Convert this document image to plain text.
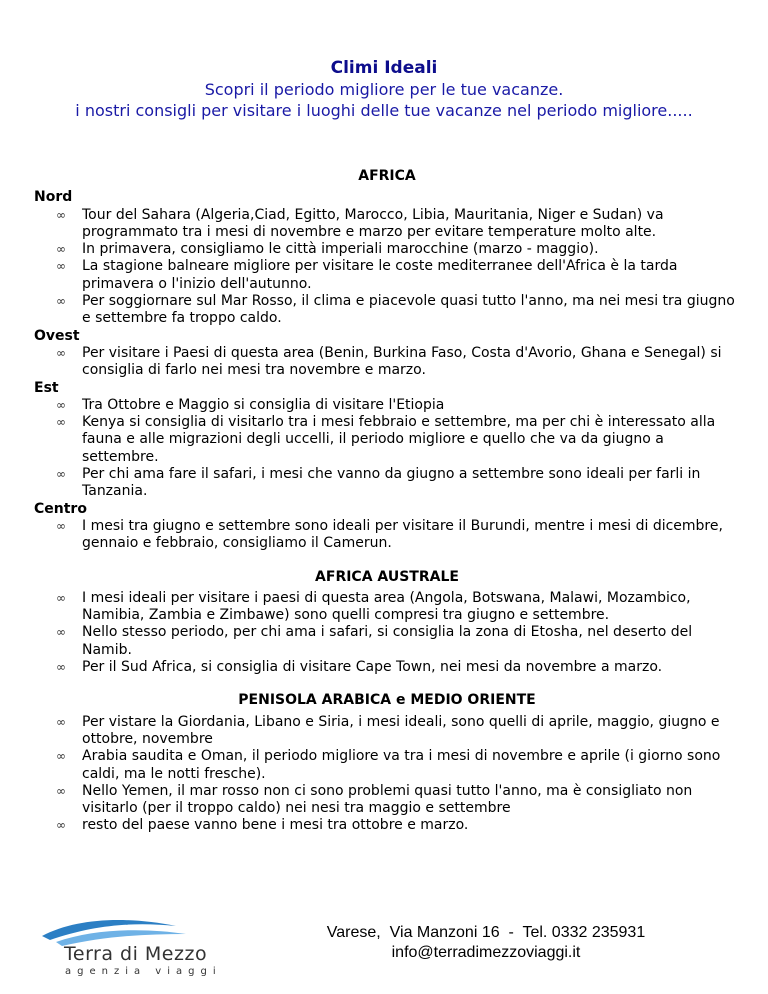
Climi Ideali
Scopri il periodo migliore per le tue vacanze.
i nostri consigli per visitare i luoghi delle tue vacanze nel periodo migliore.....
AFRICA
Nord
∞ Tour del Sahara (Algeria,Ciad, Egitto, Marocco, Libia, Mauritania, Niger e Sudan) va programmato tra i mesi di novembre e marzo per evitare temperature molto alte.
∞ In primavera, consigliamo le città imperiali marocchine (marzo - maggio).
∞ La stagione balneare migliore per visitare le coste mediterranee dell'Africa è la tarda primavera o l'inizio dell'autunno.
∞ Per soggiornare sul Mar Rosso, il clima e piacevole quasi tutto l'anno, ma nei mesi tra giugno e settembre fa troppo caldo.
Ovest
∞ Per visitare i Paesi di questa area (Benin, Burkina Faso, Costa d'Avorio, Ghana e Senegal) si consiglia di farlo nei mesi tra novembre e marzo.
Est
∞ Tra Ottobre e Maggio si consiglia di visitare l'Etiopia
∞ Kenya si consiglia di visitarlo tra i mesi febbraio e settembre, ma per chi è interessato alla fauna e alle migrazioni degli uccelli, il periodo migliore e quello che va da giugno a settembre.
∞ Per chi ama fare il safari, i mesi che vanno da giugno a settembre sono ideali per farli in Tanzania.
Centro
∞ I mesi tra giugno e settembre sono ideali per visitare il Burundi, mentre i mesi di dicembre, gennaio e febbraio, consigliamo il Camerun.
AFRICA AUSTRALE
∞ I mesi ideali per visitare i paesi di questa area (Angola, Botswana, Malawi, Mozambico, Namibia, Zambia e Zimbawe) sono quelli compresi tra giugno e settembre.
∞ Nello stesso periodo, per chi ama i safari, si consiglia la zona di Etosha, nel deserto del Namib.
∞ Per il Sud Africa, si consiglia di visitare Cape Town, nei mesi da novembre a marzo.
PENISOLA ARABICA e MEDIO ORIENTE
∞ Per vistare la Giordania, Libano e Siria, i mesi ideali, sono quelli di aprile, maggio, giugno e ottobre, novembre
∞ Arabia saudita e Oman, il periodo migliore va tra i mesi di novembre e aprile (i giorno sono caldi, ma le notti fresche).
∞ Nello Yemen, il mar rosso non ci sono problemi quasi tutto l'anno, ma è consigliato non visitarlo (per il troppo caldo) nei nesi tra maggio e settembre
∞ resto del paese vanno bene i mesi tra ottobre e marzo.
Terra di Mezzo
agenzia viaggi
Varese,  Via Manzoni 16  -  Tel. 0332 235931
info@terradimezzoviaggi.it
